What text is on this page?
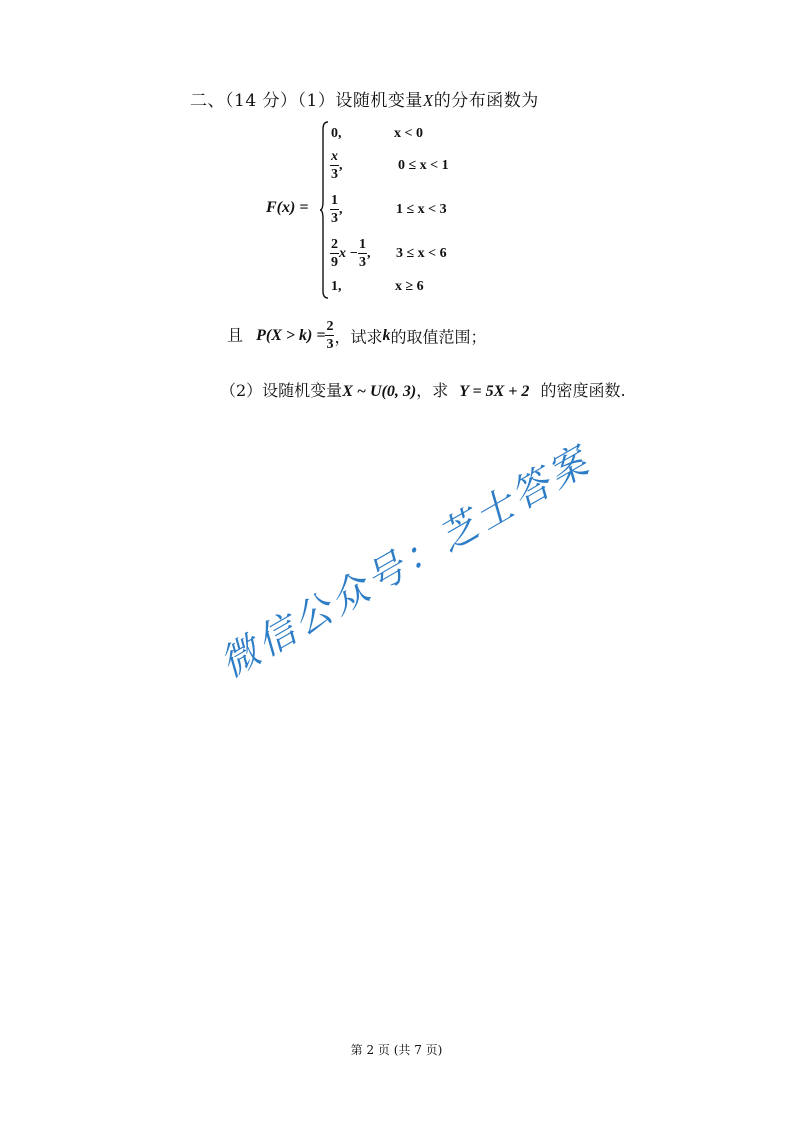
二、（14 分）（1）设随机变量X的分布函数为
F(x) =
0,	x < 0
$\frac{x}{3}$ ,	0 ≤ x < 1
$\frac{1}{3}$ ,	1 ≤ x < 3
$\frac{2}{9}$ $x - \frac{1}{3}$ , 3 ≤ x < 6
1,	x ≥ 6
且 $P(X > k) = \frac{2}{3}$ ，试求k的取值范围；
（2）设随机变量X ~ U(0, 3)，求 Y = 5X + 2 的密度函数.
微信公众号：芝士答案
第 2 页 (共 7 页)
